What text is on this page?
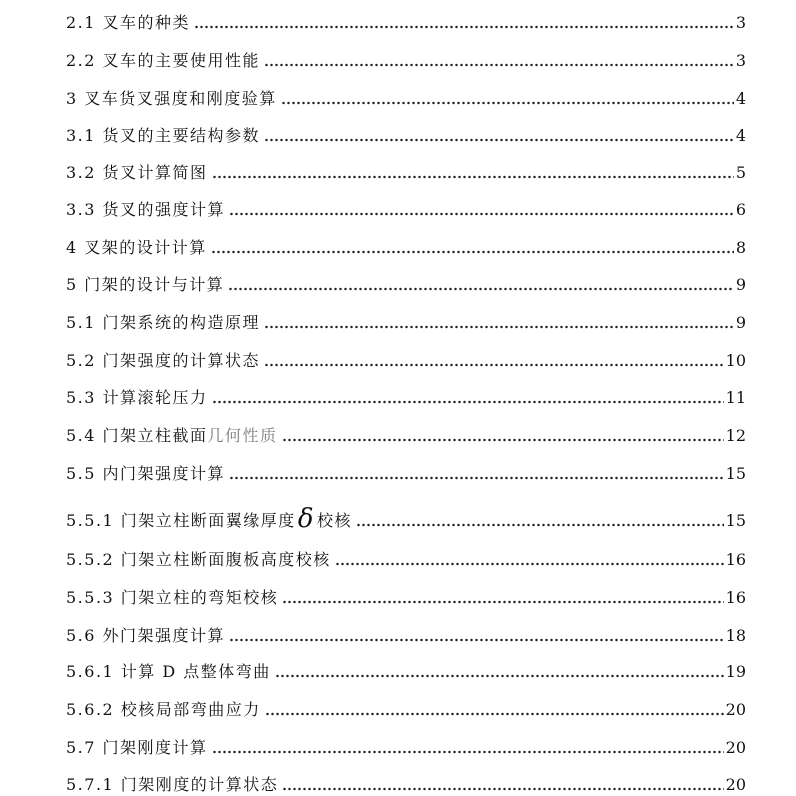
2.1 叉车的种类	3
2.2 叉车的主要使用性能	3
3 叉车货叉强度和刚度验算	4
3.1 货叉的主要结构参数	4
3.2 货叉计算简图	5
3.3 货叉的强度计算	6
4 叉架的设计计算	8
5 门架的设计与计算	9
5.1 门架系统的构造原理	9
5.2 门架强度的计算状态	10
5.3 计算滚轮压力	11
5.4 门架立柱截面几何性质	12
5.5 内门架强度计算	15
5.5.1 门架立柱断面翼缘厚度δ 校核	15
5.5.2 门架立柱断面腹板高度校核	16
5.5.3 门架立柱的弯矩校核	16
5.6 外门架强度计算	18
5.6.1 计算 D 点整体弯曲	19
5.6.2 校核局部弯曲应力	20
5.7 门架刚度计算	20
5.7.1 门架刚度的计算状态	20
